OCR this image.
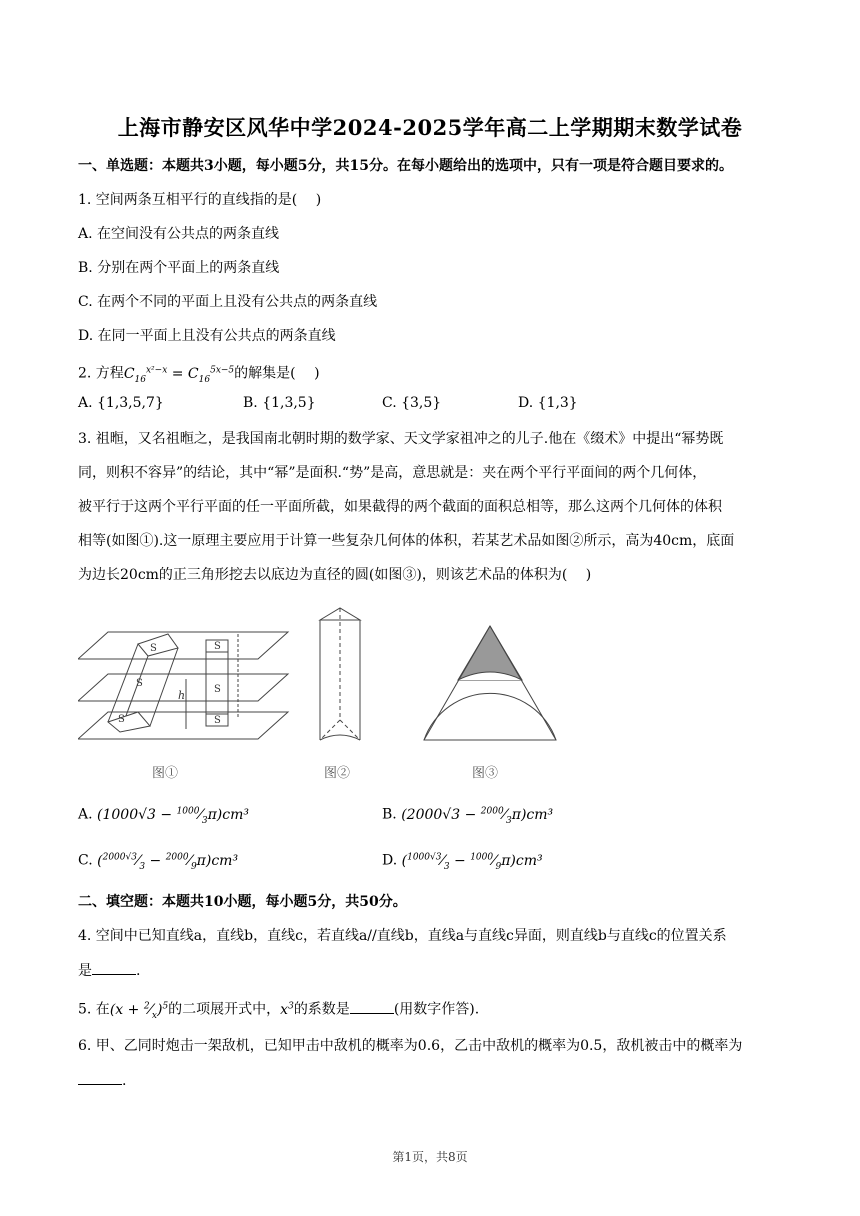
上海市静安区风华中学2024-2025学年高二上学期期末数学试卷
一、单选题：本题共3小题，每小题5分，共15分。在每小题给出的选项中，只有一项是符合题目要求的。
1. 空间两条互相平行的直线指的是(　 )
A. 在空间没有公共点的两条直线
B. 分别在两个平面上的两条直线
C. 在两个不同的平面上且没有公共点的两条直线
D. 在同一平面上且没有公共点的两条直线
2. 方程$C_{16}^{x^2-x} = C_{16}^{5x-5}$的解集是(　 )
A. {1,3,5,7}	B. {1,3,5}	C. {3,5}	D. {1,3}
3. 祖暅，又名祖暅之，是我国南北朝时期的数学家、天文学家祖冲之的儿子.他在《缀术》中提出“幂势既
同，则积不容异”的结论，其中“幂”是面积.“势”是高，意思就是：夹在两个平行平面间的两个几何体，
被平行于这两个平行平面的任一平面所截，如果截得的两个截面的面积总相等，那么这两个几何体的体积
相等(如图①).这一原理主要应用于计算一些复杂几何体的体积，若某艺术品如图②所示，高为40cm，底面
为边长20cm的正三角形挖去以底边为直径的圆(如图③)，则该艺术品的体积为(　 )
S
S
S
S
S
S
h
图①	图②	图③
A. $(1000√3 - ^{1000}⁄_3\pi)cm^3$	B. $(2000√3 - ^{2000}⁄_3\pi)cm^3$
C. ($^{2000√3}⁄_3$ − $^{2000}⁄_9\pi)cm^3$	D. ($^{1000√3}⁄_3$ − $^{1000}⁄_9\pi)cm^3$
二、填空题：本题共10小题，每小题5分，共50分。
4. 空间中已知直线a，直线b，直线c，若直线a//直线b，直线a与直线c异面，则直线b与直线c的位置关系
是	.
5. 在$(x + ^2⁄_x)^5$的二项展开式中，$x^3$的系数是	(用数字作答).
6. 甲、乙同时炮击一架敌机，已知甲击中敌机的概率为0.6，乙击中敌机的概率为0.5，敌机被击中的概率为
.
第1页，共8页
